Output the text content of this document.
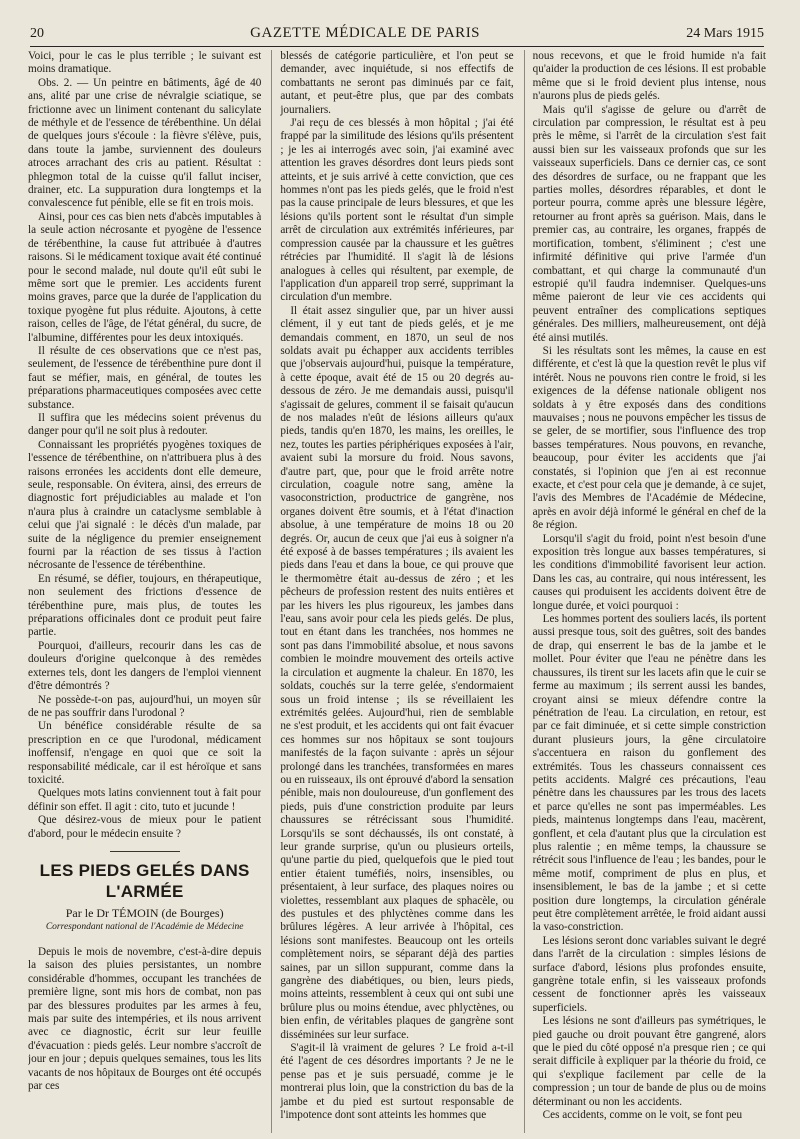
20	GAZETTE MÉDICALE DE PARIS	24 Mars 1915

Voici, pour le cas le plus terrible ; le suivant est moins dramatique.

Obs. 2. — Un peintre en bâtiments, âgé de 40 ans, alité par une crise de névralgie sciatique, se frictionne avec un liniment contenant du salicylate de méthyle et de l'essence de térébenthine. Un délai de quelques jours s'écoule : la fièvre s'élève, puis, dans toute la jambe, surviennent des douleurs atroces arrachant des cris au patient. Résultat : phlegmon total de la cuisse qu'il fallut inciser, drainer, etc. La suppuration dura longtemps et la convalescence fut pénible, elle se fit en trois mois.

Ainsi, pour ces cas bien nets d'abcès imputables à la seule action nécrosante et pyogène de l'essence de térébenthine, la cause fut attribuée à d'autres raisons. Si le médicament toxique avait été continué pour le second malade, nul doute qu'il eût subi le même sort que le premier. Les accidents furent moins graves, parce que la durée de l'application du toxique pyogène fut plus réduite. Ajoutons, à cette raison, celles de l'âge, de l'état général, du sucre, de l'albumine, différentes pour les deux intoxiqués.

Il résulte de ces observations que ce n'est pas, seulement, de l'essence de térébenthine pure dont il faut se méfier, mais, en général, de toutes les préparations pharmaceutiques composées avec cette substance.

Il suffira que les médecins soient prévenus du danger pour qu'il ne soit plus à redouter.

Connaissant les propriétés pyogènes toxiques de l'essence de térébenthine, on n'attribuera plus à des raisons erronées les accidents dont elle demeure, seule, responsable. On évitera, ainsi, des erreurs de diagnostic fort préjudiciables au malade et l'on n'aura plus à craindre un cataclysme semblable à celui que j'ai signalé : le décès d'un malade, par suite de la négligence du premier enseignement fourni par la réaction de ses tissus à l'action nécrosante de l'essence de térébenthine.

En résumé, se défier, toujours, en thérapeutique, non seulement des frictions d'essence de térébenthine pure, mais plus, de toutes les préparations officinales dont ce produit peut faire partie.

Pourquoi, d'ailleurs, recourir dans les cas de douleurs d'origine quelconque à des remèdes externes tels, dont les dangers de l'emploi viennent d'être démontrés ?

Ne possède-t-on pas, aujourd'hui, un moyen sûr de ne pas souffrir dans l'urodonal ?

Un bénéfice considérable résulte de sa prescription en ce que l'urodonal, médicament inoffensif, n'engage en quoi que ce soit la responsabilité médicale, car il est héroïque et sans toxicité.

Quelques mots latins conviennent tout à fait pour définir son effet. Il agit : cito, tuto et jucunde !

Que désirez-vous de mieux pour le patient d'abord, pour le médecin ensuite ?

LES PIEDS GELÉS DANS L'ARMÉE
Par le Dr TÉMOIN (de Bourges)
Correspondant national de l'Académie de Médecine

Depuis le mois de novembre, c'est-à-dire depuis la saison des pluies persistantes, un nombre considérable d'hommes, occupant les tranchées de première ligne, sont mis hors de combat, non pas par des blessures produites par les armes à feu, mais par suite des intempéries, et ils nous arrivent avec ce diagnostic, écrit sur leur feuille d'évacuation : pieds gelés. Leur nombre s'accroît de jour en jour ; depuis quelques semaines, tous les lits vacants de nos hôpitaux de Bourges ont été occupés par ces

blessés de catégorie particulière, et l'on peut se demander, avec inquiétude, si nos effectifs de combattants ne seront pas diminués par ce fait, autant, et peut-être plus, que par des combats journaliers.

J'ai reçu de ces blessés à mon hôpital ; j'ai été frappé par la similitude des lésions qu'ils présentent ; je les ai interrogés avec soin, j'ai examiné avec attention les graves désordres dont leurs pieds sont atteints, et je suis arrivé à cette conviction, que ces hommes n'ont pas les pieds gelés, que le froid n'est pas la cause principale de leurs blessures, et que les lésions qu'ils portent sont le résultat d'un simple arrêt de circulation aux extrémités inférieures, par compression causée par la chaussure et les guêtres rétrécies par l'humidité. Il s'agit là de lésions analogues à celles qui résultent, par exemple, de l'application d'un appareil trop serré, supprimant la circulation d'un membre.

Il était assez singulier que, par un hiver aussi clément, il y eut tant de pieds gelés, et je me demandais comment, en 1870, un seul de nos soldats avait pu échapper aux accidents terribles que j'observais aujourd'hui, puisque la température, à cette époque, avait été de 15 ou 20 degrés au-dessous de zéro. Je me demandais aussi, puisqu'il s'agissait de gelures, comment il se faisait qu'aucun de nos malades n'eût de lésions ailleurs qu'aux pieds, tandis qu'en 1870, les mains, les oreilles, le nez, toutes les parties périphériques exposées à l'air, avaient subi la morsure du froid. Nous savons, d'autre part, que, pour que le froid arrête notre circulation, coagule notre sang, amène la vasoconstriction, productrice de gangrène, nos organes doivent être soumis, et à l'état d'inaction absolue, à une température de moins 18 ou 20 degrés. Or, aucun de ceux que j'ai eus à soigner n'a été exposé à de basses températures ; ils avaient les pieds dans l'eau et dans la boue, ce qui prouve que le thermomètre était au-dessus de zéro ; et les pêcheurs de profession restent des nuits entières et par les hivers les plus rigoureux, les jambes dans l'eau, sans avoir pour cela les pieds gelés. De plus, tout en étant dans les tranchées, nos hommes ne sont pas dans l'immobilité absolue, et nous savons combien le moindre mouvement des orteils active la circulation et augmente la chaleur. En 1870, les soldats, couchés sur la terre gelée, s'endormaient sous un froid intense ; ils se réveillaient les extrémités gelées. Aujourd'hui, rien de semblable ne s'est produit, et les accidents qui ont fait évacuer ces hommes sur nos hôpitaux se sont toujours manifestés de la façon suivante : après un séjour prolongé dans les tranchées, transformées en mares ou en ruisseaux, ils ont éprouvé d'abord la sensation pénible, mais non douloureuse, d'un gonflement des pieds, puis d'une constriction produite par leurs chaussures se rétrécissant sous l'humidité. Lorsqu'ils se sont déchaussés, ils ont constaté, à leur grande surprise, qu'un ou plusieurs orteils, qu'une partie du pied, quelquefois que le pied tout entier étaient tuméfiés, noirs, insensibles, ou présentaient, à leur surface, des plaques noires ou violettes, ressemblant aux plaques de sphacèle, ou des pustules et des phlyctènes comme dans les brûlures légères. A leur arrivée à l'hôpital, ces lésions sont manifestes. Beaucoup ont les orteils complètement noirs, se séparant déjà des parties saines, par un sillon suppurant, comme dans la gangrène des diabétiques, ou bien, leurs pieds, moins atteints, ressemblent à ceux qui ont subi une brûlure plus ou moins étendue, avec phlyctènes, ou bien enfin, de véritables plaques de gangrène sont disséminées sur leur surface.

S'agit-il là vraiment de gelures ? Le froid a-t-il été l'agent de ces désordres importants ? Je ne le pense pas et je suis persuadé, comme je le montrerai plus loin, que la constriction du bas de la jambe et du pied est surtout responsable de l'impotence dont sont atteints les hommes que

nous recevons, et que le froid humide n'a fait qu'aider la production de ces lésions. Il est probable même que si le froid devient plus intense, nous n'aurons plus de pieds gelés.

Mais qu'il s'agisse de gelure ou d'arrêt de circulation par compression, le résultat est à peu près le même, si l'arrêt de la circulation s'est fait aussi bien sur les vaisseaux profonds que sur les vaisseaux superficiels. Dans ce dernier cas, ce sont des désordres de surface, ou ne frappant que les parties molles, désordres réparables, et dont le porteur pourra, comme après une blessure légère, retourner au front après sa guérison. Mais, dans le premier cas, au contraire, les organes, frappés de mortification, tombent, s'éliminent ; c'est une infirmité définitive qui prive l'armée d'un combattant, et qui charge la communauté d'un estropié qu'il faudra indemniser. Quelques-uns même paieront de leur vie ces accidents qui peuvent entraîner des complications septiques générales. Des milliers, malheureusement, ont déjà été ainsi mutilés.

Si les résultats sont les mêmes, la cause en est différente, et c'est là que la question revêt le plus vif intérêt. Nous ne pouvons rien contre le froid, si les exigences de la défense nationale obligent nos soldats à y être exposés dans des conditions mauvaises ; nous ne pouvons empêcher les tissus de se geler, de se mortifier, sous l'influence des trop basses températures. Nous pouvons, en revanche, beaucoup, pour éviter les accidents que j'ai constatés, si l'opinion que j'en ai est reconnue exacte, et c'est pour cela que je demande, à ce sujet, l'avis des Membres de l'Académie de Médecine, après en avoir déjà informé le général en chef de la 8e région.

Lorsqu'il s'agit du froid, point n'est besoin d'une exposition très longue aux basses températures, si les conditions d'immobilité favorisent leur action. Dans les cas, au contraire, qui nous intéressent, les causes qui produisent les accidents doivent être de longue durée, et voici pourquoi :

Les hommes portent des souliers lacés, ils portent aussi presque tous, soit des guêtres, soit des bandes de drap, qui enserrent le bas de la jambe et le mollet. Pour éviter que l'eau ne pénètre dans les chaussures, ils tirent sur les lacets afin que le cuir se ferme au maximum ; ils serrent aussi les bandes, croyant ainsi se mieux défendre contre la pénétration de l'eau. La circulation, en retour, est par ce fait diminuée, et si cette simple constriction durant plusieurs jours, la gêne circulatoire s'accentuera en raison du gonflement des extrémités. Tous les chasseurs connaissent ces petits accidents. Malgré ces précautions, l'eau pénètre dans les chaussures par les trous des lacets et parce qu'elles ne sont pas imperméables. Les pieds, maintenus longtemps dans l'eau, macèrent, gonflent, et cela d'autant plus que la circulation est plus ralentie ; en même temps, la chaussure se rétrécit sous l'influence de l'eau ; les bandes, pour le même motif, compriment de plus en plus, et insensiblement, le bas de la jambe ; et si cette position dure longtemps, la circulation générale peut être complètement arrêtée, le froid aidant aussi la vaso-constriction.

Les lésions seront donc variables suivant le degré dans l'arrêt de la circulation : simples lésions de surface d'abord, lésions plus profondes ensuite, gangrène totale enfin, si les vaisseaux profonds cessent de fonctionner après les vaisseaux superficiels.

Les lésions ne sont d'ailleurs pas symétriques, le pied gauche ou droit pouvant être gangrené, alors que le pied du côté opposé n'a presque rien ; ce qui serait difficile à expliquer par la théorie du froid, ce qui s'explique facilement par celle de la compression ; un tour de bande de plus ou de moins déterminant ou non les accidents.

Ces accidents, comme on le voit, se font peu
